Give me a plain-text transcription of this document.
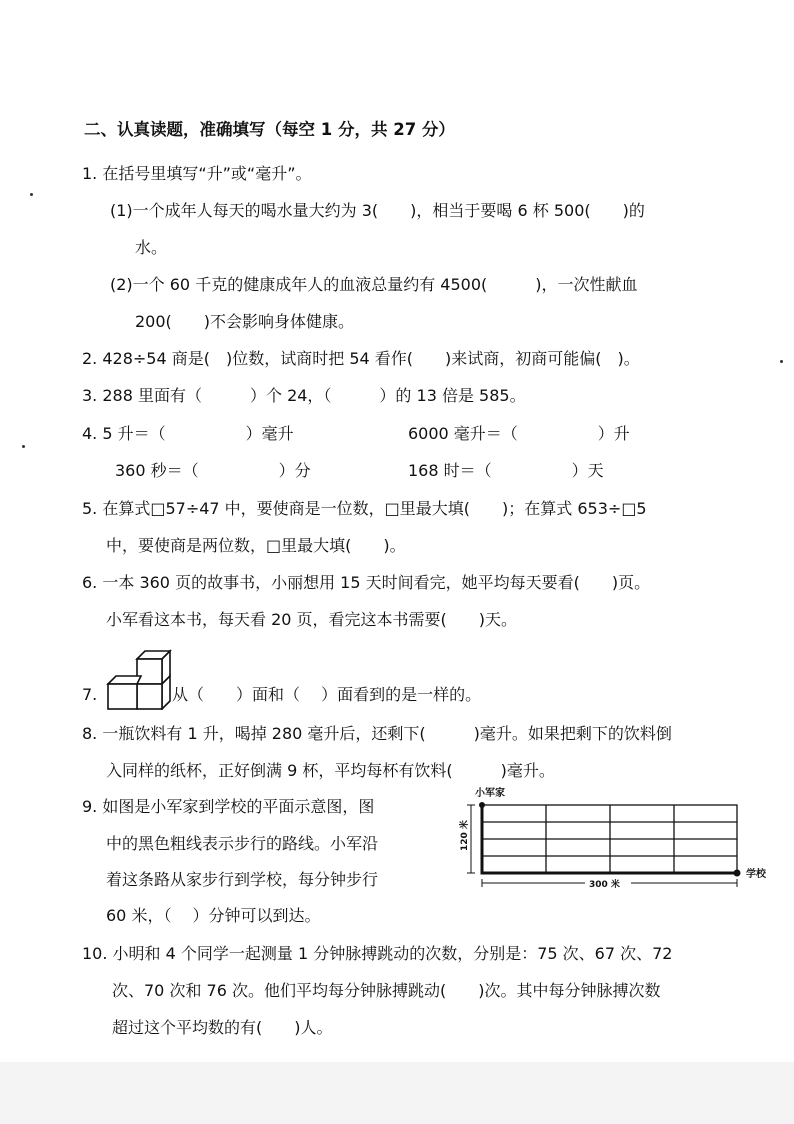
二、认真读题，准确填写（每空 1 分，共 27 分）
1. 在括号里填写“升”或“毫升”。
(1)一个成年人每天的喝水量大约为 3(　　)，相当于要喝 6 杯 500(　　)的
水。
(2)一个 60 千克的健康成年人的血液总量约有 4500(　　　)，一次性献血
200(　　)不会影响身体健康。
2. 428÷54 商是(　)位数，试商时把 54 看作(　　)来试商，初商可能偏(　)。
3. 288 里面有（　　　）个 24，（　　　）的 13 倍是 585。
4. 5 升＝（　　　　　）毫升	6000 毫升＝（　　　　　）升
360 秒＝（　　　　　）分	168 时＝（　　　　　）天
5. 在算式□57÷47 中，要使商是一位数，□里最大填(　　)；在算式 653÷□5
中，要使商是两位数，□里最大填(　　)。
6. 一本 360 页的故事书，小丽想用 15 天时间看完，她平均每天要看(　　)页。
小军看这本书，每天看 20 页，看完这本书需要(　　)天。
7.	从（　　）面和（　 ）面看到的是一样的。
8. 一瓶饮料有 1 升，喝掉 280 毫升后，还剩下(　　　)毫升。如果把剩下的饮料倒
入同样的纸杯，正好倒满 9 杯，平均每杯有饮料(　　　)毫升。
9. 如图是小军家到学校的平面示意图，图
中的黑色粗线表示步行的路线。小军沿
着这条路从家步行到学校，每分钟步行
60 米，（　 ）分钟可以到达。
小军家
学校
120 米
300 米
10. 小明和 4 个同学一起测量 1 分钟脉搏跳动的次数，分别是：75 次、67 次、72
次、70 次和 76 次。他们平均每分钟脉搏跳动(　　)次。其中每分钟脉搏次数
超过这个平均数的有(　　)人。
